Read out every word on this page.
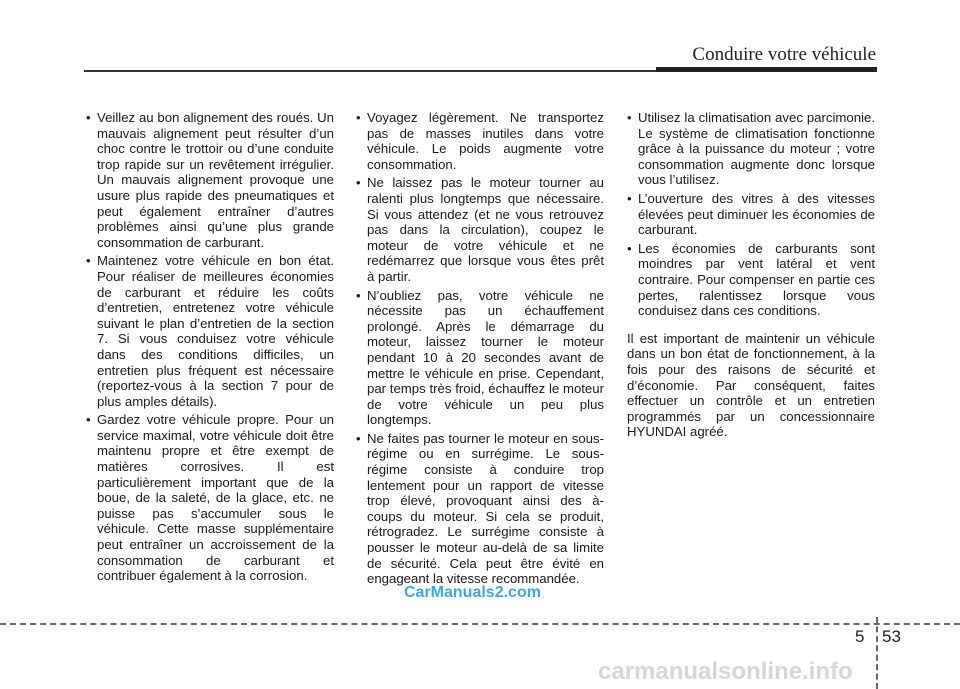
Conduire votre véhicule
• Veillez au bon alignement des roués. Un mauvais alignement peut résulter d’un choc contre le trottoir ou d’une conduite trop rapide sur un revêtement irrégulier. Un mauvais alignement provoque une usure plus rapide des pneumatiques et peut également entraîner d’autres problèmes ainsi qu’une plus grande consommation de carburant.
• Maintenez votre véhicule en bon état. Pour réaliser de meilleures économies de carburant et réduire les coûts d’entretien, entretenez votre véhicule suivant le plan d’entretien de la section 7. Si vous conduisez votre véhicule dans des conditions difficiles, un entretien plus fréquent est nécessaire (reportez-vous à la section 7 pour de plus amples détails).
• Gardez votre véhicule propre. Pour un service maximal, votre véhicule doit être maintenu propre et être exempt de matières corrosives. Il est particulièrement important que de la boue, de la saleté, de la glace, etc. ne puisse pas s’accumuler sous le véhicule. Cette masse supplémentaire peut entraîner un accroissement de la consommation de carburant et contribuer également à la corrosion.
• Voyagez légèrement. Ne transportez pas de masses inutiles dans votre véhicule. Le poids augmente votre consommation.
• Ne laissez pas le moteur tourner au ralenti plus longtemps que nécessaire. Si vous attendez (et ne vous retrouvez pas dans la circulation), coupez le moteur de votre véhicule et ne redémarrez que lorsque vous êtes prêt à partir.
• N’oubliez pas, votre véhicule ne nécessite pas un échauffement prolongé. Après le démarrage du moteur, laissez tourner le moteur pendant 10 à 20 secondes avant de mettre le véhicule en prise. Cependant, par temps très froid, échauffez le moteur de votre véhicule un peu plus longtemps.
• Ne faites pas tourner le moteur en sous-régime ou en surrégime. Le sous-régime consiste à conduire trop lentement pour un rapport de vitesse trop élevé, provoquant ainsi des à-coups du moteur. Si cela se produit, rétrogradez. Le surrégime consiste à pousser le moteur au-delà de sa limite de sécurité. Cela peut être évité en engageant la vitesse recommandée.
• Utilisez la climatisation avec parcimonie. Le système de climatisation fonctionne grâce à la puissance du moteur ; votre consommation augmente donc lorsque vous l’utilisez.
• L’ouverture des vitres à des vitesses élevées peut diminuer les économies de carburant.
• Les économies de carburants sont moindres par vent latéral et vent contraire. Pour compenser en partie ces pertes, ralentissez lorsque vous conduisez dans ces conditions.

Il est important de maintenir un véhicule dans un bon état de fonctionnement, à la fois pour des raisons de sécurité et d’économie. Par conséquent, faites effectuer un contrôle et un entretien programmés par un concessionnaire HYUNDAI agréé.

CarManuals2.com
5 53
carmanualsonline.info
